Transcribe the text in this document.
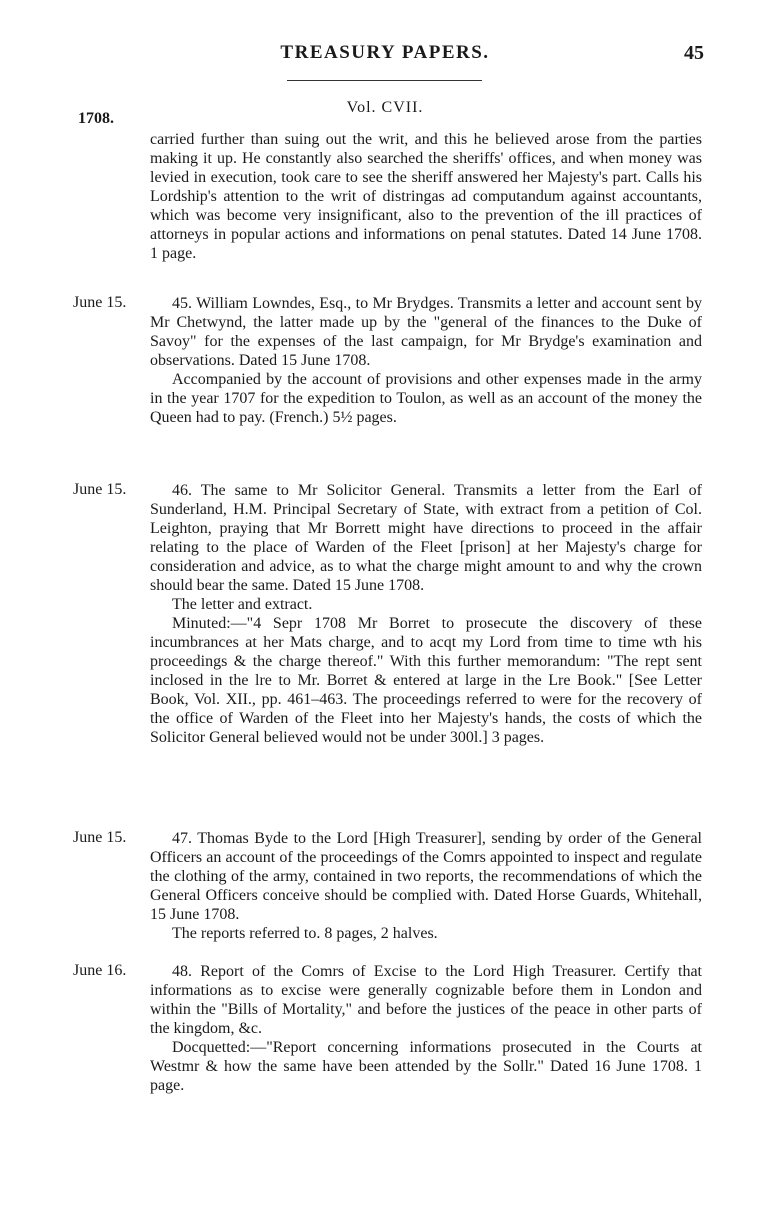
TREASURY PAPERS.	45
Vol. CVII.
1708.

carried further than suing out the writ, and this he believed arose from the parties making it up. He constantly also searched the sheriffs' offices, and when money was levied in execution, took care to see the sheriff answered her Majesty's part. Calls his Lordship's attention to the writ of distringas ad computandum against accountants, which was become very insignificant, also to the prevention of the ill practices of attorneys in popular actions and informations on penal statutes. Dated 14 June 1708. 1 page.

June 15.	45. William Lowndes, Esq., to Mr Brydges. Transmits a letter and account sent by Mr Chetwynd, the latter made up by the "general of the finances to the Duke of Savoy" for the expenses of the last campaign, for Mr Brydge's examination and observations. Dated 15 June 1708.

Accompanied by the account of provisions and other expenses made in the army in the year 1707 for the expedition to Toulon, as well as an account of the money the Queen had to pay. (French.) 5½ pages.

June 15.	46. The same to Mr Solicitor General. Transmits a letter from the Earl of Sunderland, H.M. Principal Secretary of State, with extract from a petition of Col. Leighton, praying that Mr Borrett might have directions to proceed in the affair relating to the place of Warden of the Fleet [prison] at her Majesty's charge for consideration and advice, as to what the charge might amount to and why the crown should bear the same. Dated 15 June 1708.

The letter and extract.

Minuted:—"4 Sepr 1708 Mr Borret to prosecute the discovery of these incumbrances at her Mats charge, and to acqt my Lord from time to time wth his proceedings & the charge thereof." With this further memorandum: "The rept sent inclosed in the lre to Mr. Borret & entered at large in the Lre Book." [See Letter Book, Vol. XII., pp. 461–463. The proceedings referred to were for the recovery of the office of Warden of the Fleet into her Majesty's hands, the costs of which the Solicitor General believed would not be under 300l.] 3 pages.

June 15.	47. Thomas Byde to the Lord [High Treasurer], sending by order of the General Officers an account of the proceedings of the Comrs appointed to inspect and regulate the clothing of the army, contained in two reports, the recommendations of which the General Officers conceive should be complied with. Dated Horse Guards, Whitehall, 15 June 1708.

The reports referred to. 8 pages, 2 halves.

June 16.	48. Report of the Comrs of Excise to the Lord High Treasurer. Certify that informations as to excise were generally cognizable before them in London and within the "Bills of Mortality," and before the justices of the peace in other parts of the kingdom, &c.

Docquetted:—"Report concerning informations prosecuted in the Courts at Westmr & how the same have been attended by the Sollr." Dated 16 June 1708. 1 page.
